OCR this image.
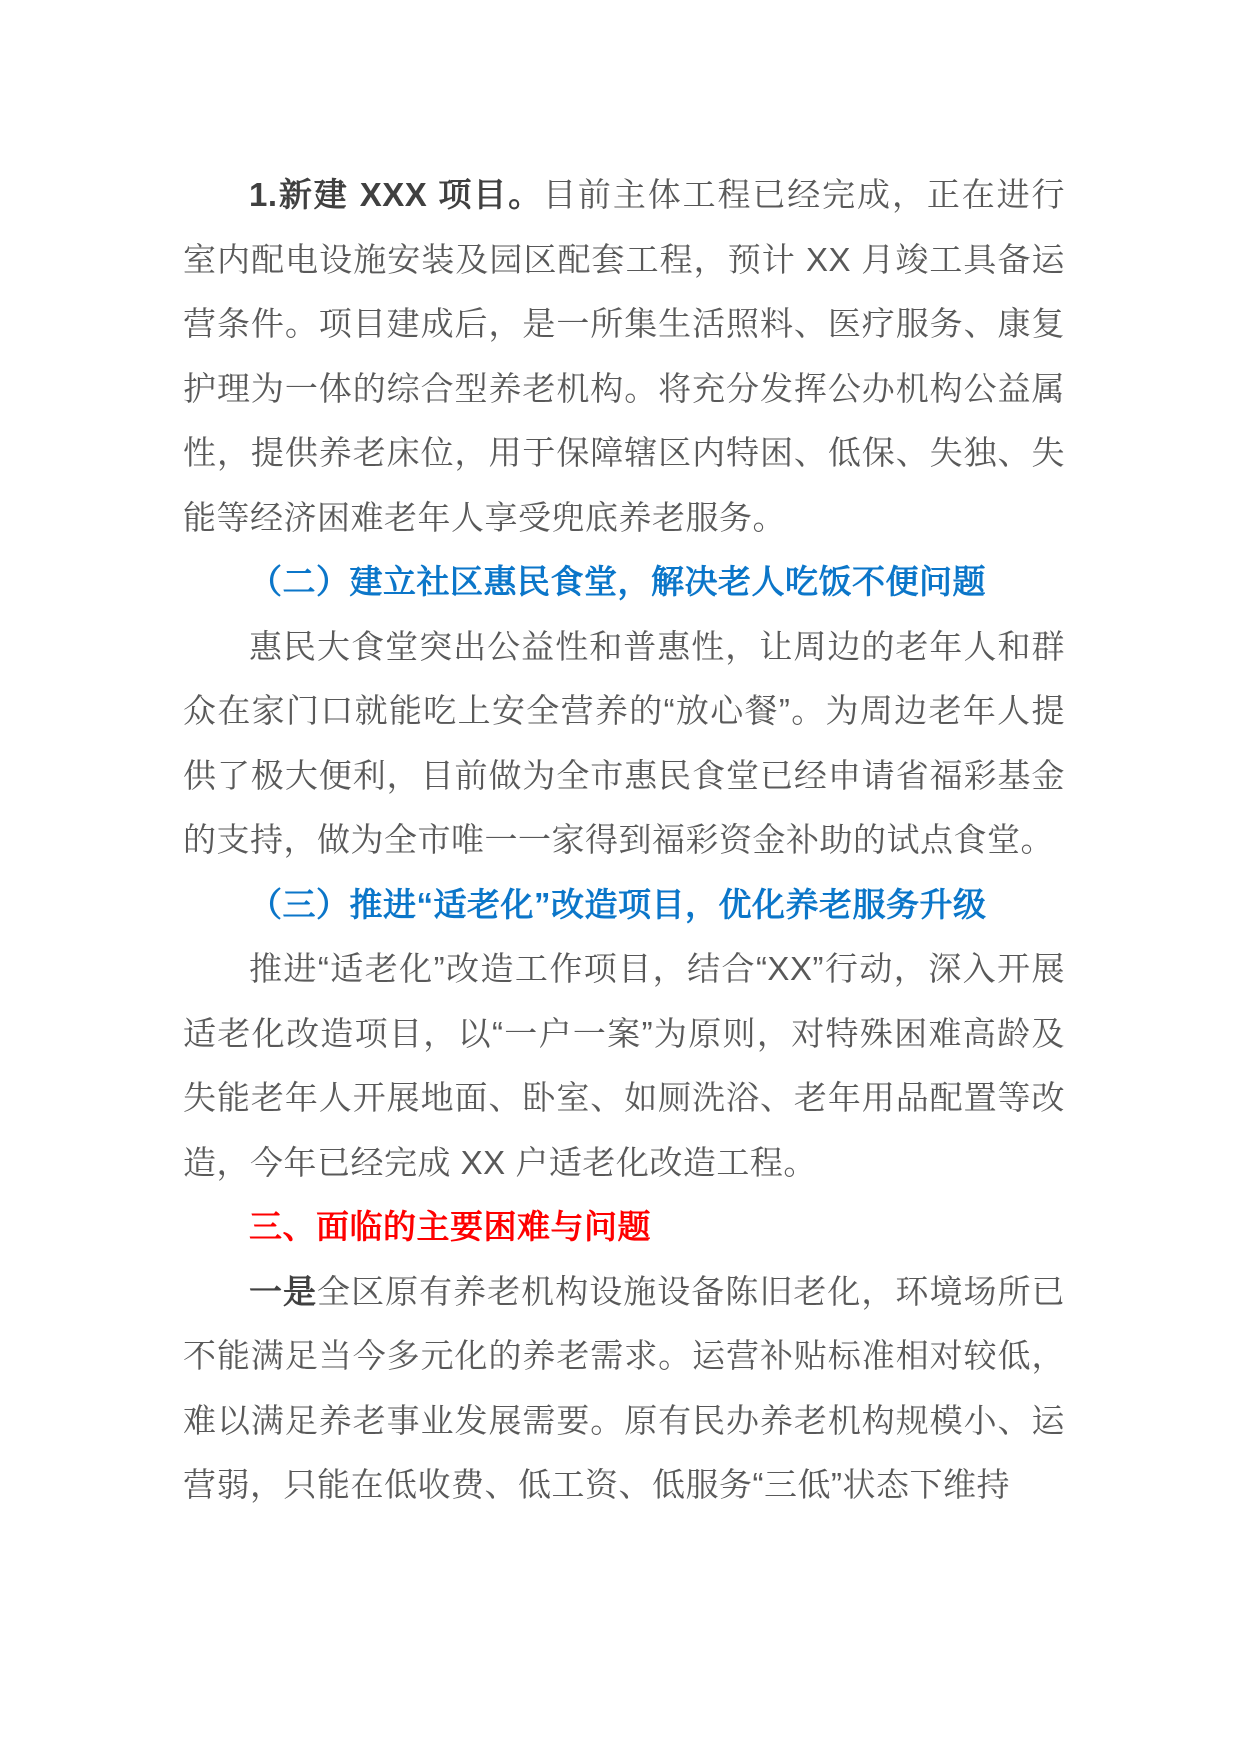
1.新建 XXX 项目。目前主体工程已经完成，正在进行室内配电设施安装及园区配套工程，预计 XX 月竣工具备运营条件。项目建成后，是一所集生活照料、医疗服务、康复护理为一体的综合型养老机构。将充分发挥公办机构公益属性，提供养老床位，用于保障辖区内特困、低保、失独、失能等经济困难老年人享受兜底养老服务。

（二）建立社区惠民食堂，解决老人吃饭不便问题

惠民大食堂突出公益性和普惠性，让周边的老年人和群众在家门口就能吃上安全营养的“放心餐”。为周边老年人提供了极大便利，目前做为全市惠民食堂已经申请省福彩基金的支持，做为全市唯一一家得到福彩资金补助的试点食堂。

（三）推进“适老化”改造项目，优化养老服务升级

推进“适老化”改造工作项目，结合“XX”行动，深入开展适老化改造项目，以“一户一案”为原则，对特殊困难高龄及失能老年人开展地面、卧室、如厕洗浴、老年用品配置等改造，今年已经完成 XX 户适老化改造工程。

三、面临的主要困难与问题

一是全区原有养老机构设施设备陈旧老化，环境场所已不能满足当今多元化的养老需求。运营补贴标准相对较低，难以满足养老事业发展需要。原有民办养老机构规模小、运营弱，只能在低收费、低工资、低服务“三低”状态下维持
